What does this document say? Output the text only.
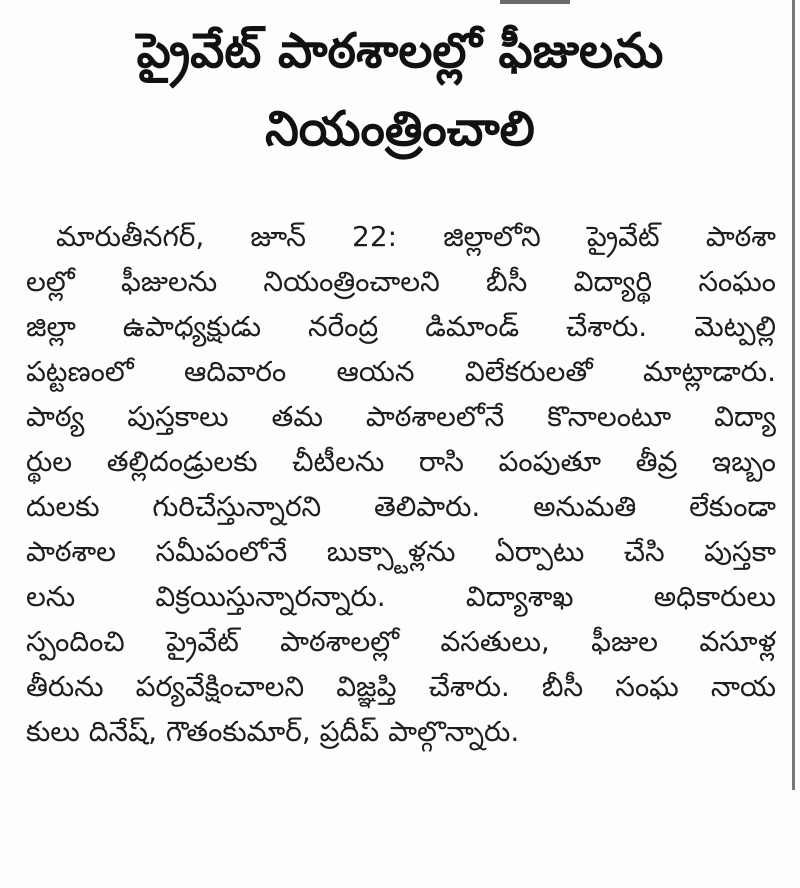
ప్రైవేట్ పాఠశాలల్లో ఫీజులను
నియంత్రించాలి
మారుతీనగర్, జూన్ 22: జిల్లాలోని ప్రైవేట్ పాఠశా
లల్లో ఫీజులను నియంత్రించాలని బీసీ విద్యార్థి సంఘం
జిల్లా ఉపాధ్యక్షుడు నరేంద్ర డిమాండ్ చేశారు. మెట్పల్లి
పట్టణంలో ఆదివారం ఆయన విలేకరులతో మాట్లాడారు.
పాఠ్య పుస్తకాలు తమ పాఠశాలలోనే కొనాలంటూ విద్యా
ర్థుల తల్లిదండ్రులకు చీటీలను రాసి పంపుతూ తీవ్ర ఇబ్బం
దులకు గురిచేస్తున్నారని తెలిపారు. అనుమతి లేకుండా
పాఠశాల సమీపంలోనే బుక్స్టాళ్లను ఏర్పాటు చేసి పుస్తకా
లను విక్రయిస్తున్నారన్నారు. విద్యాశాఖ అధికారులు
స్పందించి ప్రైవేట్ పాఠశాలల్లో వసతులు, ఫీజుల వసూళ్ల
తీరును పర్యవేక్షించాలని విజ్ఞప్తి చేశారు. బీసీ సంఘ నాయ
కులు దినేష్, గౌతంకుమార్, ప్రదీప్ పాల్గొన్నారు.
